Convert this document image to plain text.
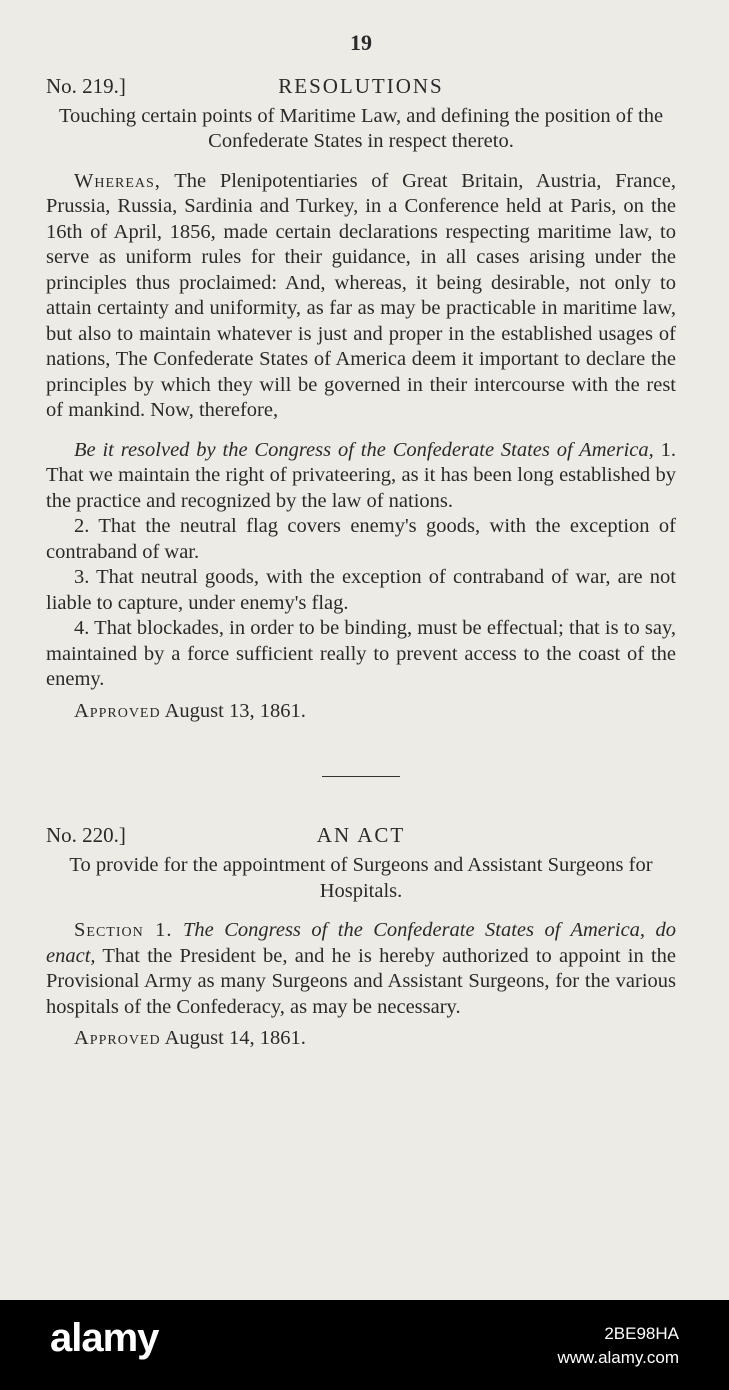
19
No. 219.]	RESOLUTIONS
Touching certain points of Maritime Law, and defining the position of the Confederate States in respect thereto.

Whereas, The Plenipotentiaries of Great Britain, Austria, France, Prussia, Russia, Sardinia and Turkey, in a Conference held at Paris, on the 16th of April, 1856, made certain declarations respecting maritime law, to serve as uniform rules for their guidance, in all cases arising under the principles thus proclaimed: And, whereas, it being desirable, not only to attain certainty and uniformity, as far as may be practicable in maritime law, but also to maintain whatever is just and proper in the established usages of nations, The Confederate States of America deem it important to declare the principles by which they will be governed in their intercourse with the rest of mankind. Now, therefore,

Be it resolved by the Congress of the Confederate States of America, 1. That we maintain the right of privateering, as it has been long established by the practice and recognized by the law of nations.

2. That the neutral flag covers enemy's goods, with the exception of contraband of war.

3. That neutral goods, with the exception of contraband of war, are not liable to capture, under enemy's flag.

4. That blockades, in order to be binding, must be effectual; that is to say, maintained by a force sufficient really to prevent access to the coast of the enemy.

Approved August 13, 1861.

No. 220.]	AN ACT
To provide for the appointment of Surgeons and Assistant Surgeons for Hospitals.

Section 1. The Congress of the Confederate States of America, do enact, That the President be, and he is hereby authorized to appoint in the Provisional Army as many Surgeons and Assistant Surgeons, for the various hospitals of the Confederacy, as may be necessary.

Approved August 14, 1861.

alamy	2BE98HA
www.alamy.com
